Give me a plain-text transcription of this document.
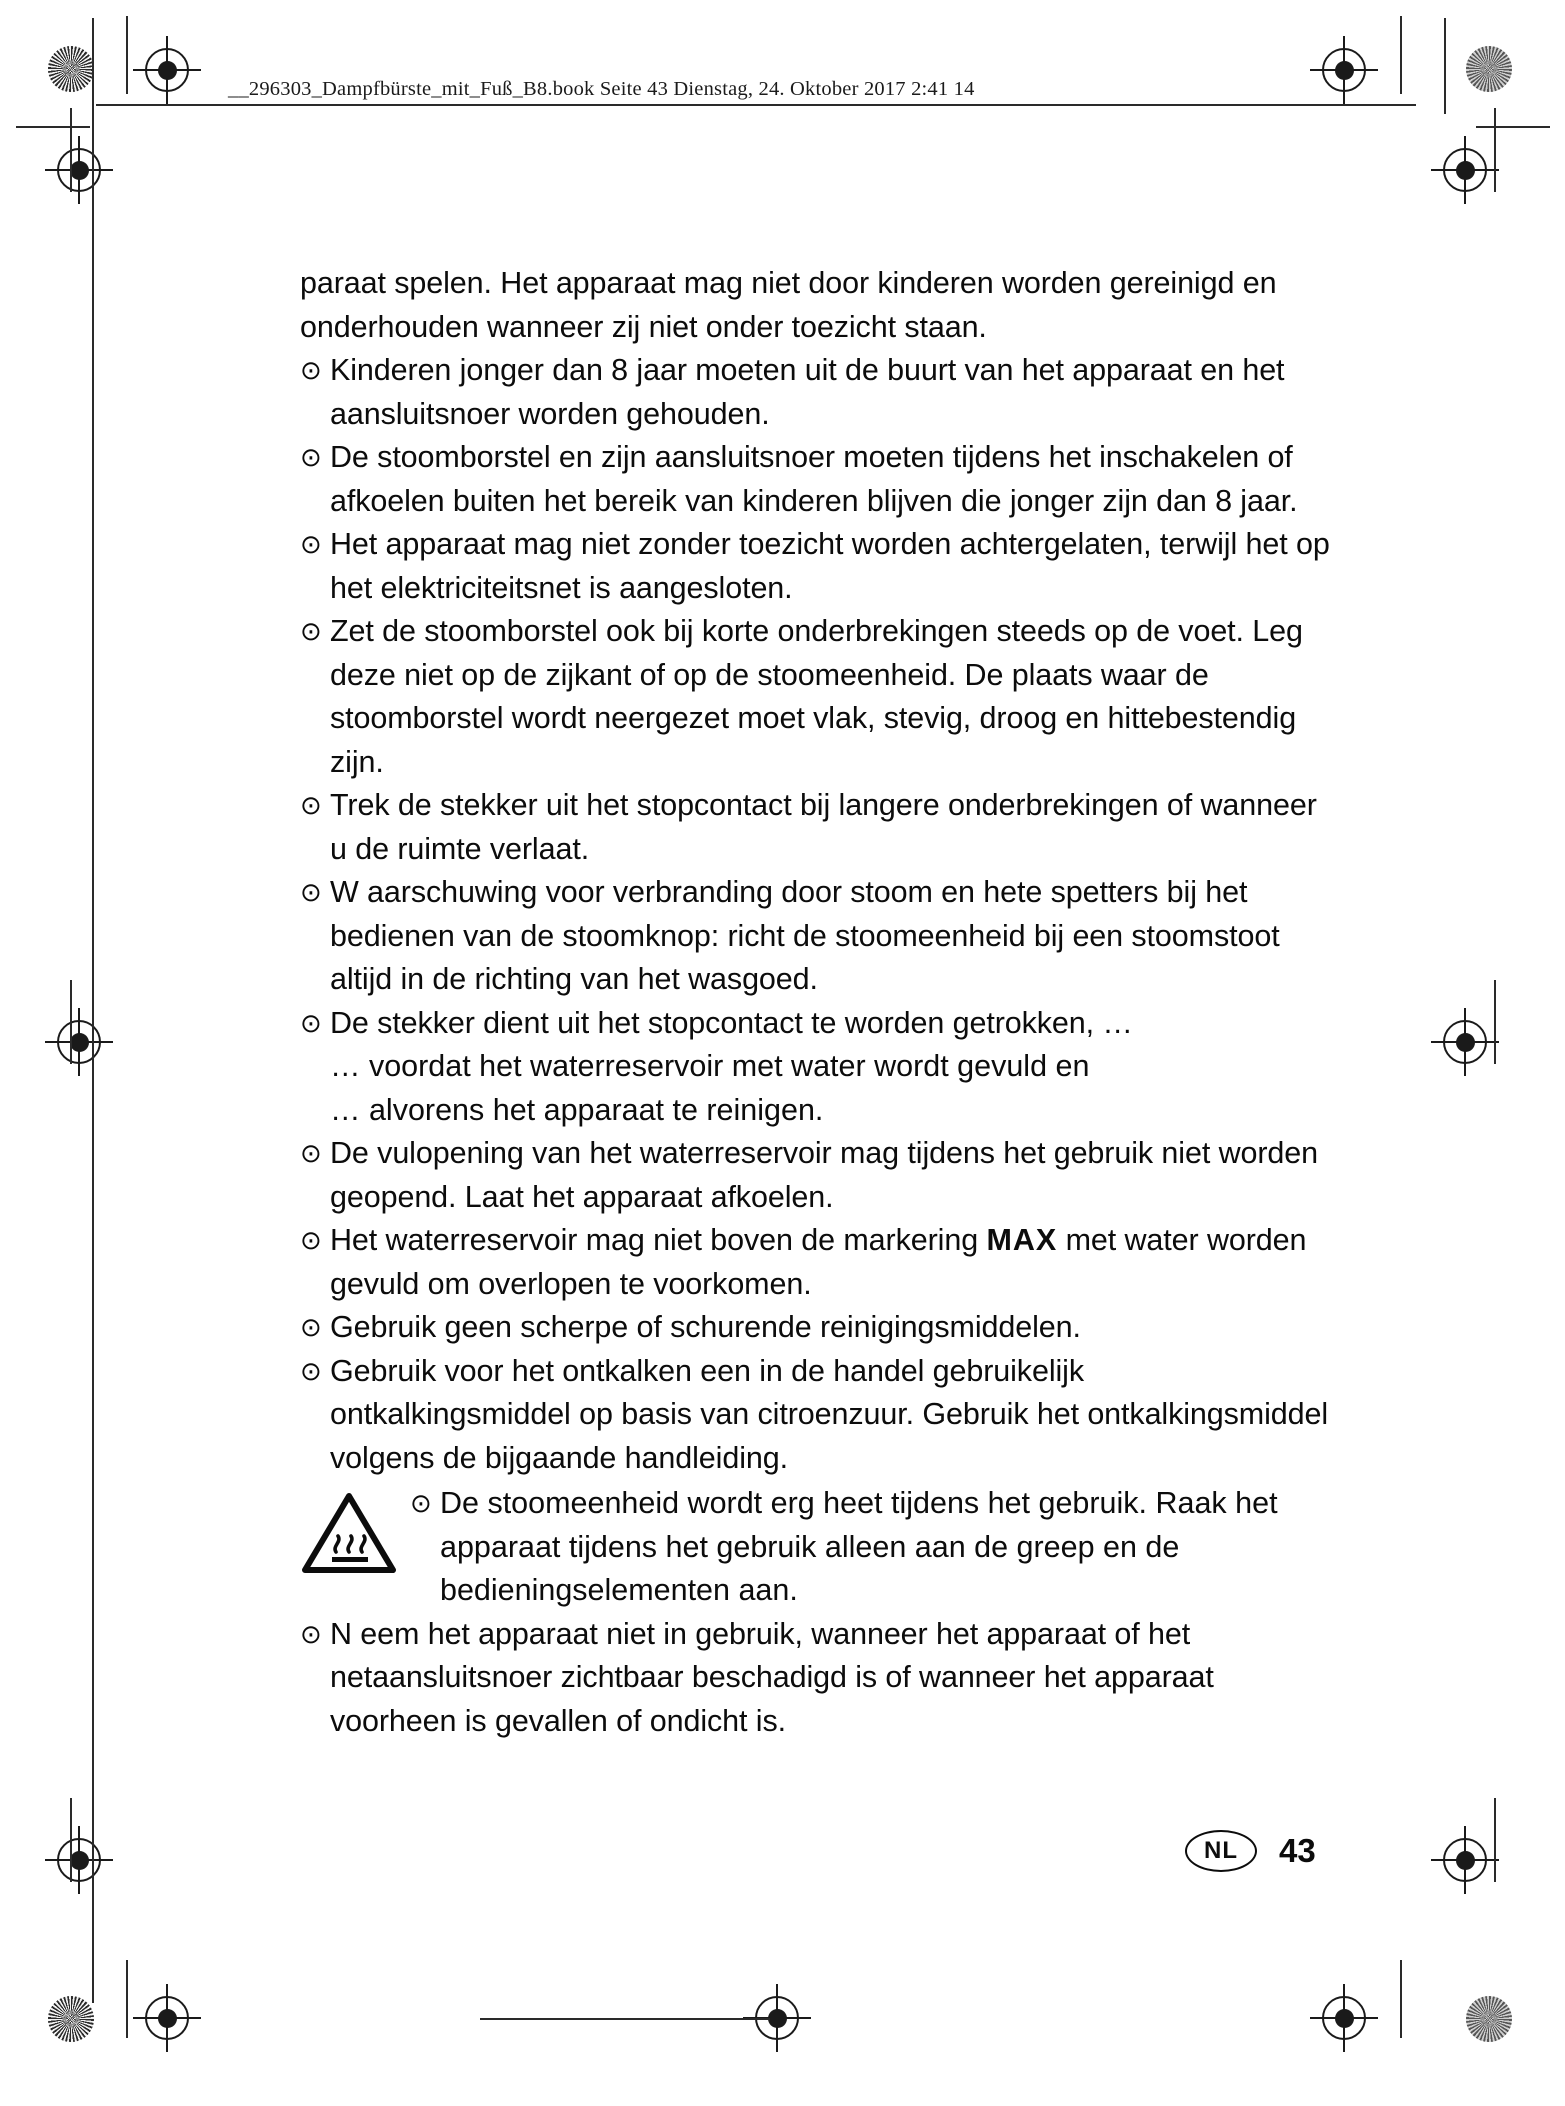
__296303_Dampfbürste_mit_Fuß_B8.book Seite 43 Dienstag, 24. Oktober 2017 2:41 14
paraat spelen. Het apparaat mag niet door kinderen worden gereinigd en onderhouden wanneer zij niet onder toezicht staan.
⊙ Kinderen jonger dan 8 jaar moeten uit de buurt van het apparaat en het aansluitsnoer worden gehouden.
⊙ De stoomborstel en zijn aansluitsnoer moeten tijdens het inschakelen of afkoelen buiten het bereik van kinderen blijven die jonger zijn dan 8 jaar.
⊙ Het apparaat mag niet zonder toezicht worden achtergelaten, terwijl het op het elektriciteitsnet is aangesloten.
⊙ Zet de stoomborstel ook bij korte onderbrekingen steeds op de voet. Leg deze niet op de zijkant of op de stoomeenheid. De plaats waar de stoomborstel wordt neergezet moet vlak, stevig, droog en hittebestendig zijn.
⊙ Trek de stekker uit het stopcontact bij langere onderbrekingen of wanneer u de ruimte verlaat.
⊙ W aarschuwing voor verbranding door stoom en hete spetters bij het bedienen van de stoomknop: richt de stoomeenheid bij een stoomstoot altijd in de richting van het wasgoed.
⊙ De stekker dient uit het stopcontact te worden getrokken, …
… voordat het waterreservoir met water wordt gevuld en
… alvorens het apparaat te reinigen.
⊙ De vulopening van het waterreservoir mag tijdens het gebruik niet worden geopend. Laat het apparaat afkoelen.
⊙ Het waterreservoir mag niet boven de markering MAX met water worden gevuld om overlopen te voorkomen.
⊙ Gebruik geen scherpe of schurende reinigingsmiddelen.
⊙ Gebruik voor het ontkalken een in de handel gebruikelijk ontkalkingsmiddel op basis van citroenzuur. Gebruik het ontkalkingsmiddel volgens de bijgaande handleiding.
⊙ De stoomeenheid wordt erg heet tijdens het gebruik. Raak het apparaat tijdens het gebruik alleen aan de greep en de bedieningselementen aan.
⊙ N eem het apparaat niet in gebruik, wanneer het apparaat of het netaansluitsnoer zichtbaar beschadigd is of wanneer het apparaat voorheen is gevallen of ondicht is.
NL	43
